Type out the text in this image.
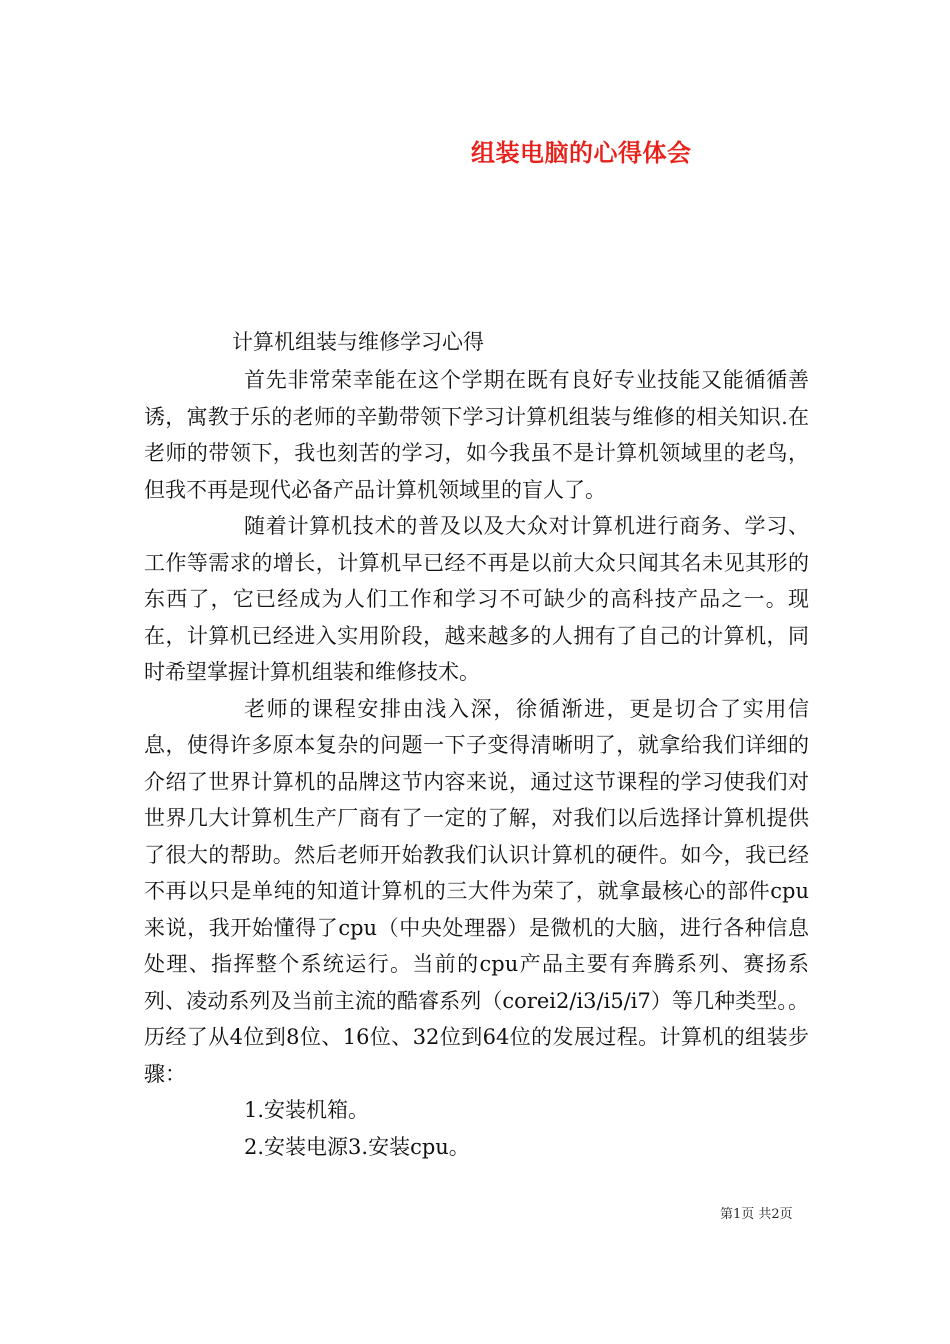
组装电脑的心得体会
计算机组装与维修学习心得

首先非常荣幸能在这个学期在既有良好专业技能又能循循善诱，寓教于乐的老师的辛勤带领下学习计算机组装与维修的相关知识.在老师的带领下，我也刻苦的学习，如今我虽不是计算机领域里的老鸟，但我不再是现代必备产品计算机领域里的盲人了。

随着计算机技术的普及以及大众对计算机进行商务、学习、工作等需求的增长，计算机早已经不再是以前大众只闻其名未见其形的东西了，它已经成为人们工作和学习不可缺少的高科技产品之一。现在，计算机已经进入实用阶段，越来越多的人拥有了自己的计算机，同时希望掌握计算机组装和维修技术。

老师的课程安排由浅入深，徐循渐进，更是切合了实用信息，使得许多原本复杂的问题一下子变得清晰明了，就拿给我们详细的介绍了世界计算机的品牌这节内容来说，通过这节课程的学习使我们对世界几大计算机生产厂商有了一定的了解，对我们以后选择计算机提供了很大的帮助。然后老师开始教我们认识计算机的硬件。如今，我已经不再以只是单纯的知道计算机的三大件为荣了，就拿最核心的部件cpu来说，我开始懂得了cpu（中央处理器）是微机的大脑，进行各种信息处理、指挥整个系统运行。当前的cpu产品主要有奔腾系列、赛扬系列、凌动系列及当前主流的酷睿系列（corei2/i3/i5/i7）等几种类型。。历经了从4位到8位、16位、32位到64位的发展过程。计算机的组装步骤：

1.安装机箱。

2.安装电源3.安装cpu。

第1页 共2页
